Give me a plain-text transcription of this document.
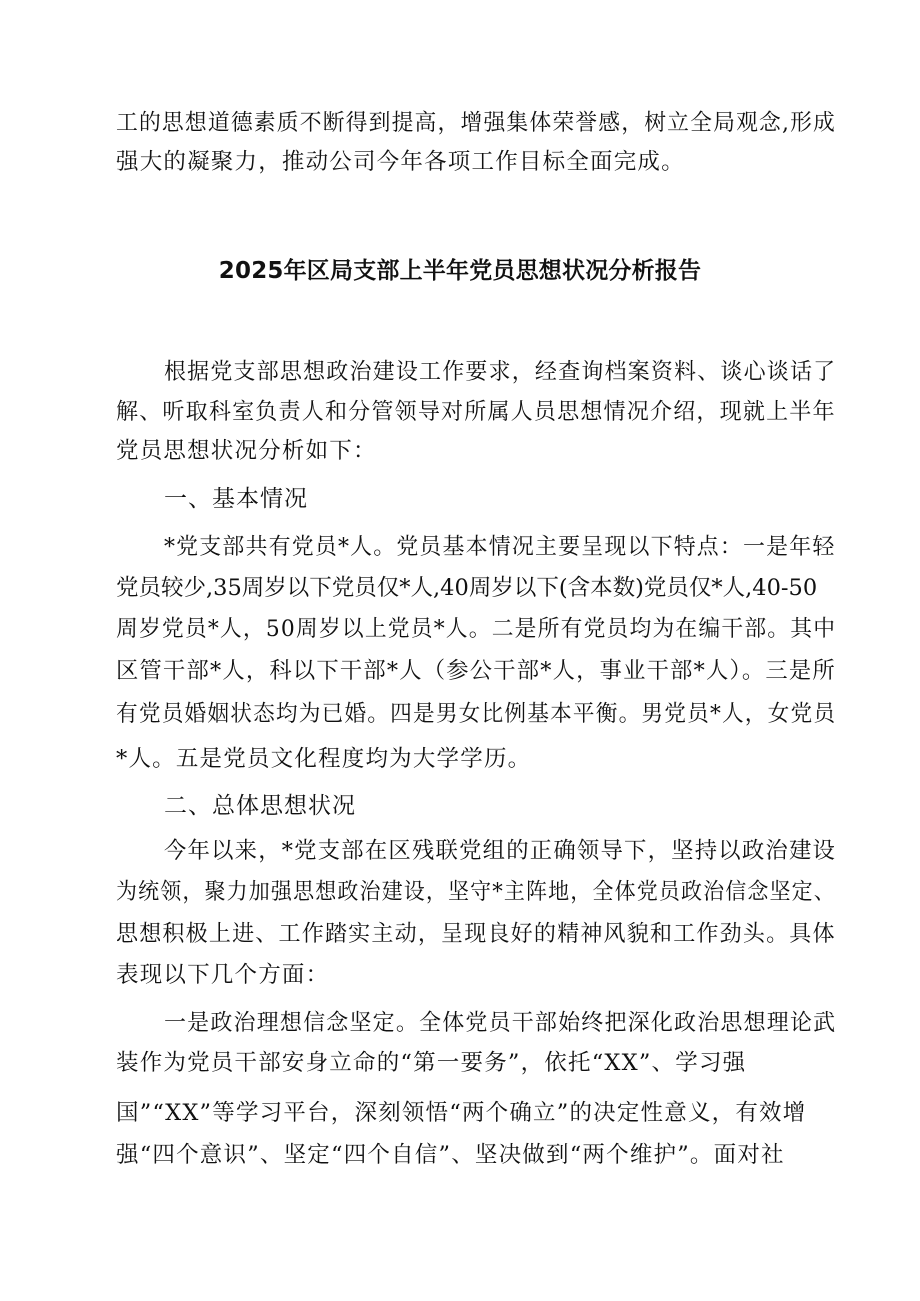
工的思想道德素质不断得到提高，增强集体荣誉感，树立全局观念,形成
强大的凝聚力，推动公司今年各项工作目标全面完成。
2025年区局支部上半年党员思想状况分析报告
根据党支部思想政治建设工作要求，经查询档案资料、谈心谈话了
解、听取科室负责人和分管领导对所属人员思想情况介绍，现就上半年
党员思想状况分析如下：
一、基本情况
*党支部共有党员*人。党员基本情况主要呈现以下特点：一是年轻
党员较少,35周岁以下党员仅*人,40周岁以下(含本数)党员仅*人,40-50
周岁党员*人，50周岁以上党员*人。二是所有党员均为在编干部。其中
区管干部*人，科以下干部*人（参公干部*人，事业干部*人）。三是所
有党员婚姻状态均为已婚。四是男女比例基本平衡。男党员*人，女党员
*人。五是党员文化程度均为大学学历。
二、总体思想状况
今年以来，*党支部在区残联党组的正确领导下，坚持以政治建设
为统领，聚力加强思想政治建设，坚守*主阵地，全体党员政治信念坚定、
思想积极上进、工作踏实主动，呈现良好的精神风貌和工作劲头。具体
表现以下几个方面：
一是政治理想信念坚定。全体党员干部始终把深化政治思想理论武
装作为党员干部安身立命的“第一要务”，依托“XX”、学习强
国”“XX”等学习平台，深刻领悟“两个确立”的决定性意义，有效增
强“四个意识”、坚定“四个自信”、坚决做到“两个维护”。面对社
